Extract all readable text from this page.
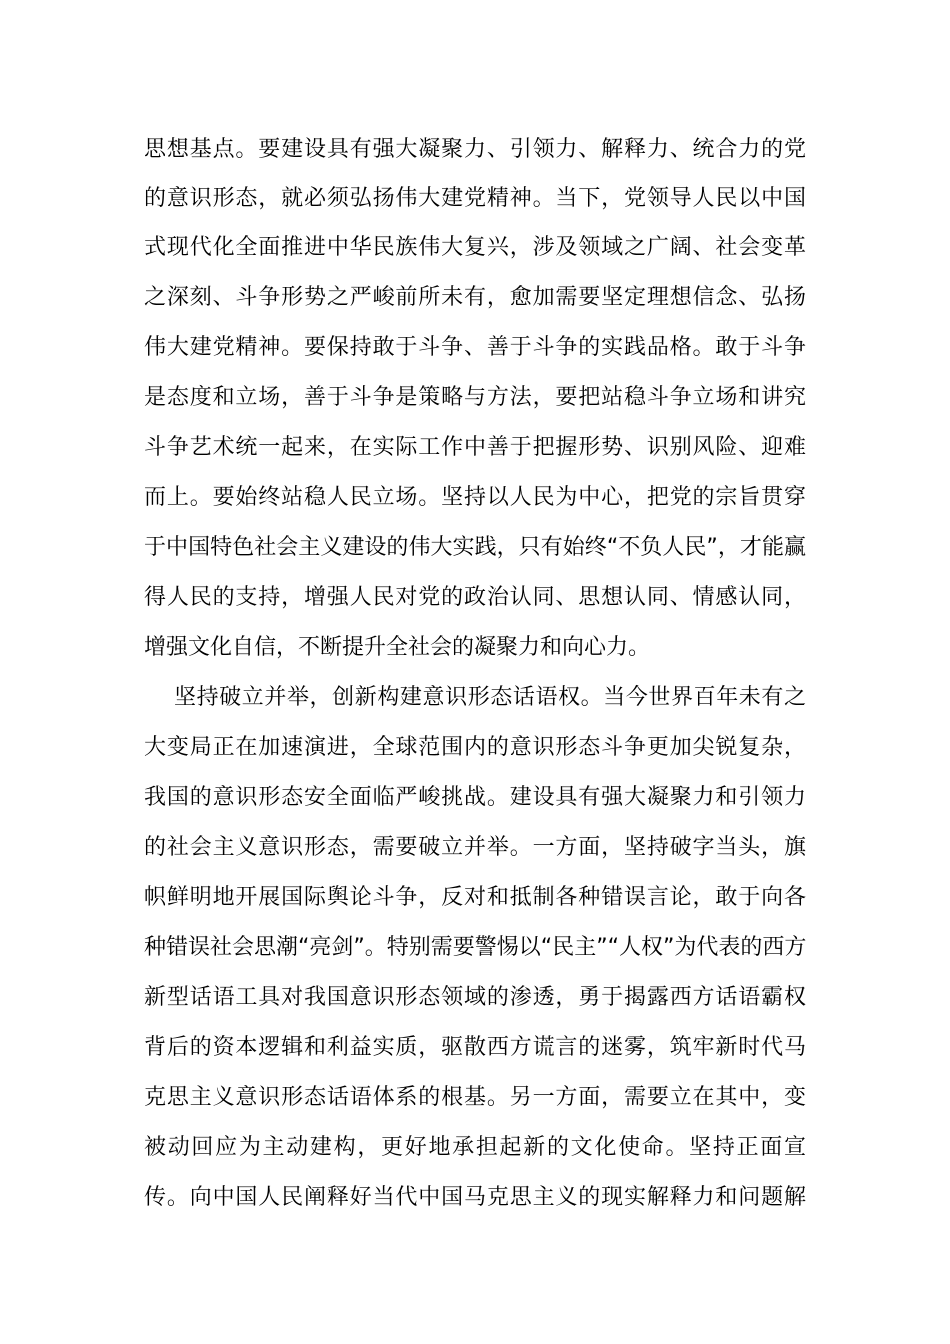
思想基点。要建设具有强大凝聚力、引领力、解释力、统合力的党
的意识形态，就必须弘扬伟大建党精神。当下，党领导人民以中国
式现代化全面推进中华民族伟大复兴，涉及领域之广阔、社会变革
之深刻、斗争形势之严峻前所未有，愈加需要坚定理想信念、弘扬
伟大建党精神。要保持敢于斗争、善于斗争的实践品格。敢于斗争
是态度和立场，善于斗争是策略与方法，要把站稳斗争立场和讲究
斗争艺术统一起来，在实际工作中善于把握形势、识别风险、迎难
而上。要始终站稳人民立场。坚持以人民为中心，把党的宗旨贯穿
于中国特色社会主义建设的伟大实践，只有始终“不负人民”，才能赢
得人民的支持，增强人民对党的政治认同、思想认同、情感认同，
增强文化自信，不断提升全社会的凝聚力和向心力。
坚持破立并举，创新构建意识形态话语权。当今世界百年未有之
大变局正在加速演进，全球范围内的意识形态斗争更加尖锐复杂，
我国的意识形态安全面临严峻挑战。建设具有强大凝聚力和引领力
的社会主义意识形态，需要破立并举。一方面，坚持破字当头，旗
帜鲜明地开展国际舆论斗争，反对和抵制各种错误言论，敢于向各
种错误社会思潮“亮剑”。特别需要警惕以“民主”“人权”为代表的西方
新型话语工具对我国意识形态领域的渗透，勇于揭露西方话语霸权
背后的资本逻辑和利益实质，驱散西方谎言的迷雾，筑牢新时代马
克思主义意识形态话语体系的根基。另一方面，需要立在其中，变
被动回应为主动建构，更好地承担起新的文化使命。坚持正面宣
传。向中国人民阐释好当代中国马克思主义的现实解释力和问题解
